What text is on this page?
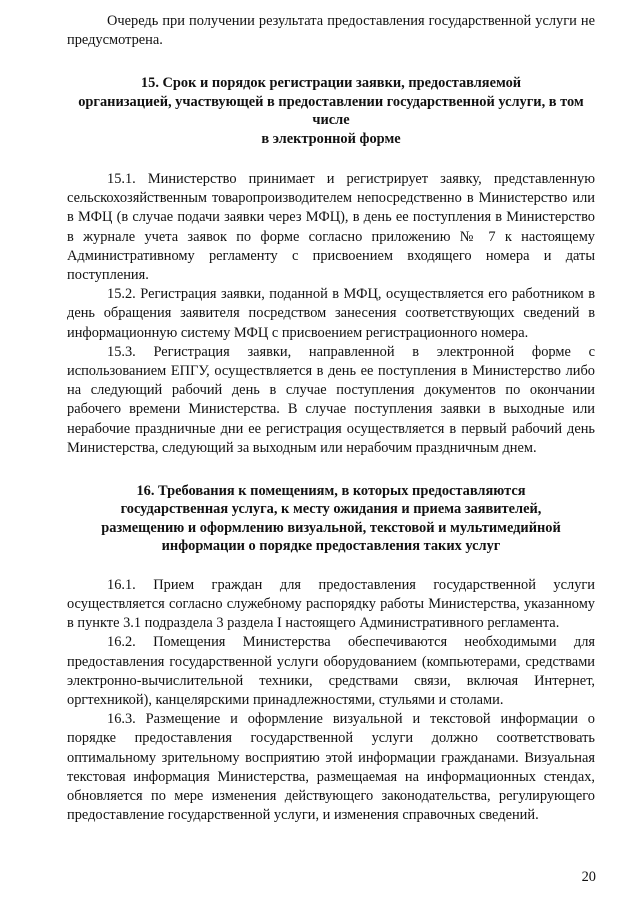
Очередь при получении результата предоставления государственной услуги не предусмотрена.

15. Срок и порядок регистрации заявки, предоставляемой
организацией, участвующей в предоставлении государственной услуги, в том числе
в электронной форме

15.1. Министерство принимает и регистрирует заявку, представленную сельскохозяйственным товаропроизводителем непосредственно в Министерство или в МФЦ (в случае подачи заявки через МФЦ), в день ее поступления в Министерство в журнале учета заявок по форме согласно приложению № 7 к настоящему Административному регламенту с присвоением входящего номера и даты поступления.

15.2. Регистрация заявки, поданной в МФЦ, осуществляется его работником в день обращения заявителя посредством занесения соответствующих сведений в информационную систему МФЦ с присвоением регистрационного номера.

15.3. Регистрация заявки, направленной в электронной форме с использованием ЕПГУ, осуществляется в день ее поступления в Министерство либо на следующий рабочий день в случае поступления документов по окончании рабочего времени Министерства. В случае поступления заявки в выходные или нерабочие праздничные дни ее регистрация осуществляется в первый рабочий день Министерства, следующий за выходным или нерабочим праздничным днем.

16. Требования к помещениям, в которых предоставляются
государственная услуга, к месту ожидания и приема заявителей,
размещению и оформлению визуальной, текстовой и мультимедийной
информации о порядке предоставления таких услуг

16.1. Прием граждан для предоставления государственной услуги осуществляется согласно служебному распорядку работы Министерства, указанному в пункте 3.1 подраздела 3 раздела I настоящего Административного регламента.

16.2. Помещения Министерства обеспечиваются необходимыми для предоставления государственной услуги оборудованием (компьютерами, средствами электронно-вычислительной техники, средствами связи, включая Интернет, оргтехникой), канцелярскими принадлежностями, стульями и столами.

16.3. Размещение и оформление визуальной и текстовой информации о порядке предоставления государственной услуги должно соответствовать оптимальному зрительному восприятию этой информации гражданами. Визуальная текстовая информация Министерства, размещаемая на информационных стендах, обновляется по мере изменения действующего законодательства, регулирующего предоставление государственной услуги, и изменения справочных сведений.

20
